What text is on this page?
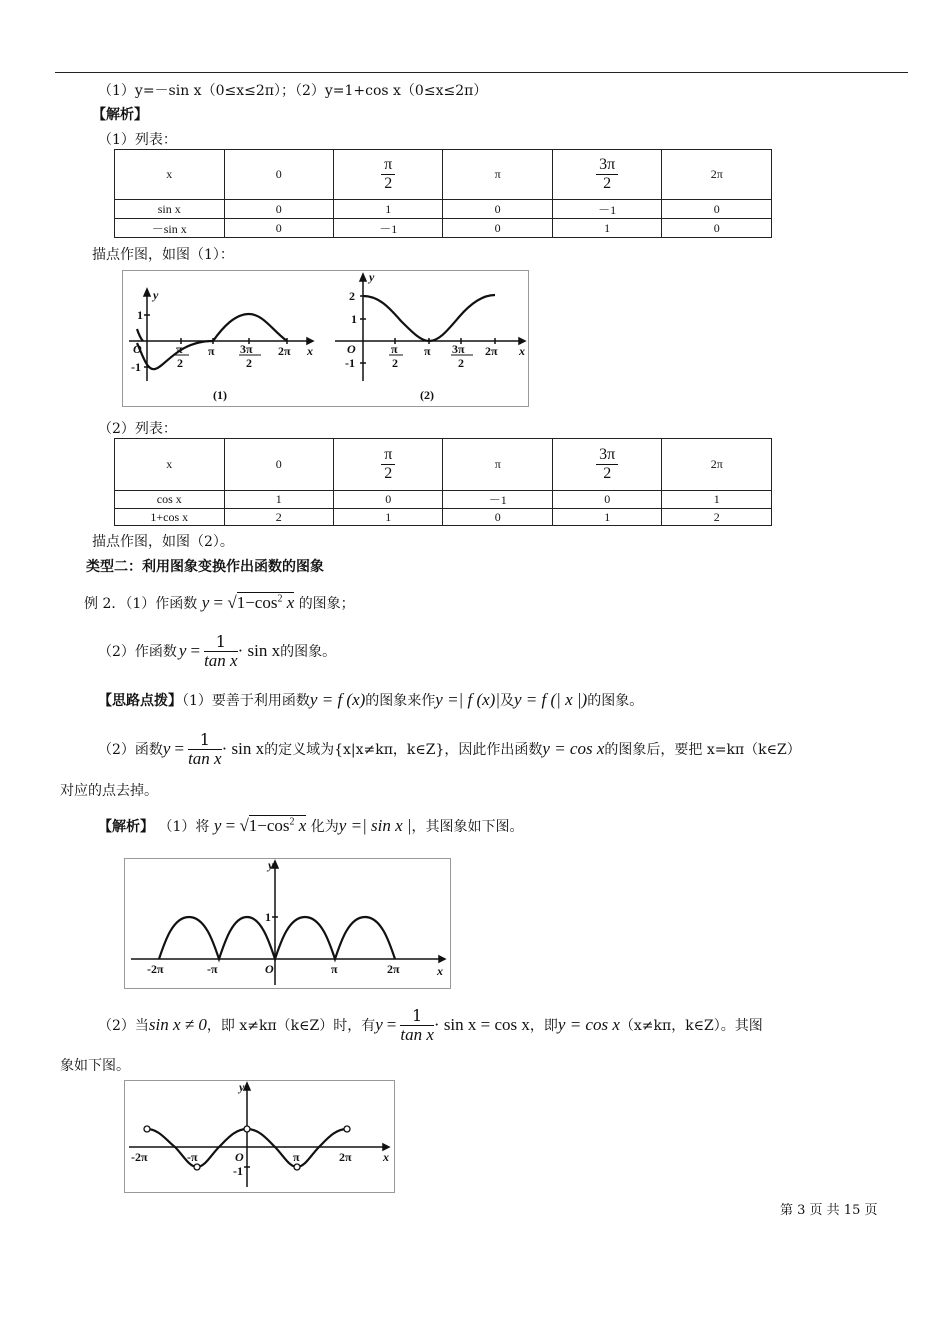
（1）y=－sin x（0≤x≤2π）；（2）y=1+cos x（0≤x≤2π）
【解析】
（1）列表：
x	0	$\frac{\pi}{2}$	π	$\frac{3\pi}{2}$	2π
sin x	0	1	0	－1	0
－sin x	0	－1	0	1	0
描点作图，如图（1）：
y
x
O
1
-1
π
2
π 3π
2
2π
(1)
y
x
O
2
1
-1
π
2
π 3π
2
2π
(2)
（2）列表：
x	0	$\frac{\pi}{2}$	π	$\frac{3\pi}{2}$	2π
cos x	1	0	－1	0	1
1+cos x	2	1	0	1	2
描点作图，如图（2）。
类型二：利用图象变换作出函数的图象
例 2．（1）作函数 $y = √1-\cos^2$ x 的图象；
（2）作函数 $y = \frac{1}{\text{tan x}} \cdot \sin x$ 的图象。
【思路点拨】（1）要善于利用函数y = f (x)的图象来作y =| f (x)|及y = f (| x |)的图象。
（2）函数 $y = \frac{1}{\text{tan x}} \cdot \sin x$ 的定义域为{x|x≠kπ，k∈Z}，因此作出函数 y = cos x 的图象后，要把 x=kπ（k∈Z）
对应的点去掉。
【解析】 （1）将 $y = √1-\cos^2$ x 化为y =| sin x |，其图象如下图。
y
x
O
1
-2π	-π	π	2π
（2）当 sin x ≠ 0 ，即 x≠kπ（k∈Z）时，有 $y = \frac{1}{\text{tan x}} \cdot \sin x = \cos x$ ，即 y = cos x （x≠kπ，k∈Z）。其图
象如下图。
y
x
O
-1
-2π	-π	π	2π
第 3 页 共 15 页
